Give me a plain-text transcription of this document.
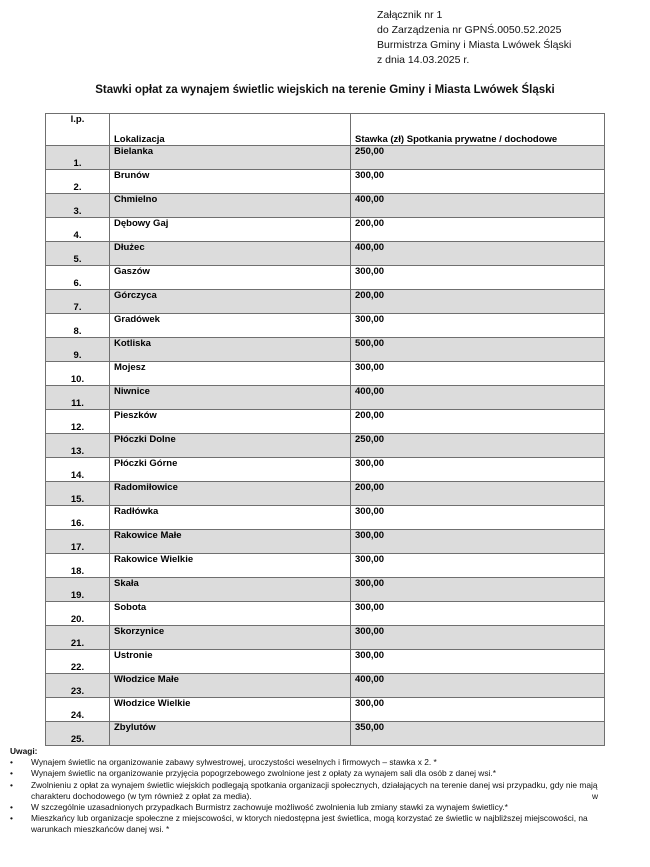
Załącznik nr 1
do Zarządzenia nr GPNŚ.0050.52.2025
Burmistrza Gminy i Miasta Lwówek Śląski
z dnia 14.03.2025 r.
Stawki opłat za wynajem świetlic wiejskich na terenie Gminy i Miasta Lwówek Śląski
l.p.	Lokalizacja	Stawka (zł) Spotkania prywatne / dochodowe
1.	Bielanka	250,00
2.	Brunów	300,00
3.	Chmielno	400,00
4.	Dębowy Gaj	200,00
5.	Dłużec	400,00
6.	Gaszów	300,00
7.	Górczyca	200,00
8.	Gradówek	300,00
9.	Kotliska	500,00
10.	Mojesz	300,00
11.	Niwnice	400,00
12.	Pieszków	200,00
13.	Płóczki Dolne	250,00
14.	Płóczki Górne	300,00
15.	Radomiłowice	200,00
16.	Radłówka	300,00
17.	Rakowice Małe	300,00
18.	Rakowice Wielkie	300,00
19.	Skała	300,00
20.	Sobota	300,00
21.	Skorzynice	300,00
22.	Ustronie	300,00
23.	Włodzice Małe	400,00
24.	Włodzice Wielkie	300,00
25.	Zbylutów	350,00
Uwagi:
• Wynajem świetlic na organizowanie zabawy sylwestrowej, uroczystości weselnych i firmowych – stawka x 2. *
• Wynajem świetlic na organizowanie przyjęcia popogrzebowego zwolnione jest z opłaty za wynajem sali dla osób z danej wsi.*
• Zwolnieniu z opłat za wynajem świetlic wiejskich podlegają spotkania organizacji społecznych, działających na terenie danej wsi przypadku, gdy nie mają charakteru dochodowego (w tym również z opłat za media).	w
• W szczególnie uzasadnionych przypadkach Burmistrz zachowuje możliwość zwolnienia lub zmiany stawki za wynajem świetlicy.*
• Mieszkańcy lub organizacje społeczne z miejscowości, w ktorych niedostępna jest świetlica, mogą korzystać ze świetlic w najbliższej miejscowości, na warunkach mieszkańców danej wsi. *
